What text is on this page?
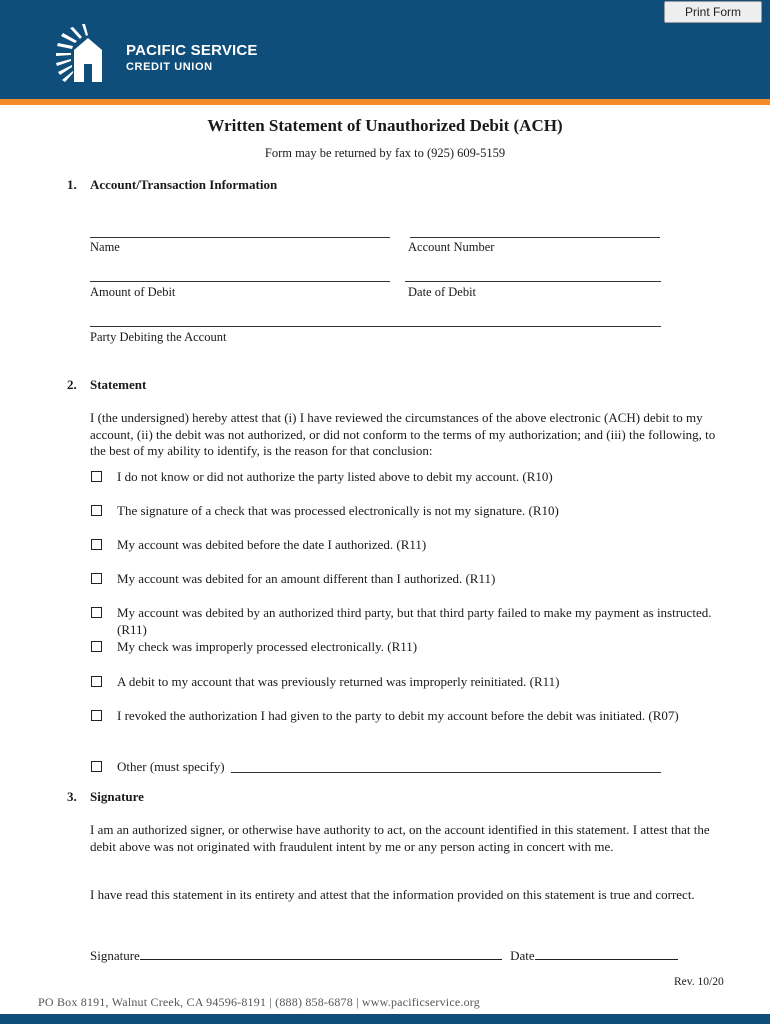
Print Form
PACIFIC SERVICE
CREDIT UNION
Written Statement of Unauthorized Debit (ACH)
Form may be returned by fax to (925) 609-5159
1. Account/Transaction Information
Name	Account Number
Amount of Debit	Date of Debit
Party Debiting the Account
2. Statement
I (the undersigned) hereby attest that (i) I have reviewed the circumstances of the above electronic (ACH) debit to my account, (ii) the debit was not authorized, or did not conform to the terms of my authorization; and (iii) the following, to the best of my ability to identify, is the reason for that conclusion:
I do not know or did not authorize the party listed above to debit my account. (R10)
The signature of a check that was processed electronically is not my signature. (R10)
My account was debited before the date I authorized. (R11)
My account was debited for an amount different than I authorized. (R11)
My account was debited by an authorized third party, but that third party failed to make my payment as instructed. (R11)
My check was improperly processed electronically. (R11)
A debit to my account that was previously returned was improperly reinitiated. (R11)
I revoked the authorization I had given to the party to debit my account before the debit was initiated. (R07)
Other (must specify)
3. Signature
I am an authorized signer, or otherwise have authority to act, on the account identified in this statement. I attest that the debit above was not originated with fraudulent intent by me or any person acting in concert with me.
I have read this statement in its entirety and attest that the information provided on this statement is true and correct.
Signature	Date
Rev. 10/20
PO Box 8191, Walnut Creek, CA 94596-8191 | (888) 858-6878 | www.pacificservice.org
